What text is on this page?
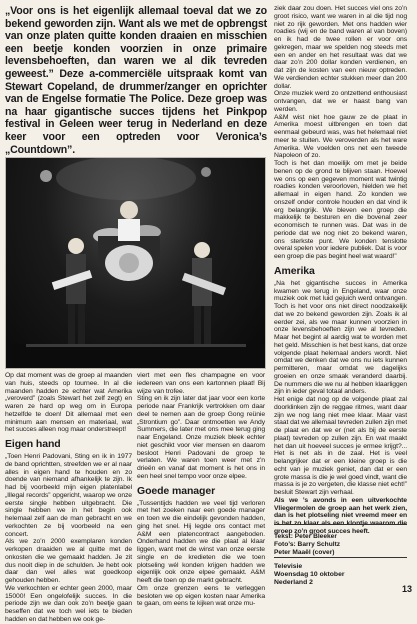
„Voor ons is het eigenlijk allemaal toeval dat we zo bekend geworden zijn. Want als we met de opbrengst van onze platen quitte konden draaien en misschien een beetje konden voorzien in onze primaire levensbehoeften, dan waren we al dik tevreden geweest.” Deze a-commerciële uitspraak komt van Stewart Copeland, de drummer/zanger en oprichter van de Engelse formatie The Police. Deze groep was na haar gigantische succes tijdens het Pinkpop festival in Geleen weer terug in Nederland en deze keer voor een optreden voor Veronica’s „Countdown”.

Op dat moment was de groep al maanden van huis, steeds op tournee. In al die maanden hadden ze echter wat Amerika „veroverd” (zoals Stewart het zelf zegt) en waren ze hard op weg om in Europa hetzelfde te doen! Dit allemaal met een minimum aan mensen en materiaal, wat het succes alleen nog maar onderstreept!

Eigen hand

„Toen Henri Padovani, Sting en ik in 1977 de band oprichtten, streefden we er al naar alles in eigen hand te houden en zo doende van niemand afhankelijk te zijn. Ik had bij voorbeeld mijn eigen platenlabel „Illegal records” opgericht, waarop we onze eerste single hebben uitgebracht. Die single hebben we in het begin ook helemaal zelf aan de man gebracht en we verkochten ze bij voorbeeld na een concert.

Als we zo’n 2000 exemplaren konden verkopen draaiden we al quitte met de onkosten die we gemaakt hadden. Je zit dus nooit diep in de schulden. Je hebt ook daar dan wel alles wat goedkoop gehouden hebben.

We verkochten er echter geen 2000, maar 15000! Een ongelofelijk succes. In die periode zijn we dan ook zo’n beetje gaan beseffen dat we toch wel iets te bieden hadden en dat hebben we ook ge-

viert met een fles champagne en voor iedereen van ons een kartonnen plaat! Bij wijze van trofee.

Sting en ik zijn later dat jaar voor een korte periode naar Frankrijk vertrokken om daar deel te nemen aan de groep Gong reünie „Strontium go”. Daar ontmoetten we Andy Summers, die later met ons mee terug ging naar Engeland. Onze muziek bleek echter niet geschikt voor vier mensen en daarom besloot Henri Padovani de groep te verlaten. We waren toen weer met z’n drieën en vanaf dat moment is het ons in een heel snel tempo voor onze elpee.

Goede manager

„Tussentijds hadden we veel tijd verloren met het zoeken naar een goede manager en toen we die eindelijk gevonden hadden, ging het snel. Hij legde ons contact met A&M een platencontract aangeboden. Onderhand hadden we die plaat al klaar liggen, want met de winst van onze eerste single en de kredieten die we toen plotseling wél konden krijgen hadden we eigenlijk ook onze elpee gemaakt. A&M heeft die toen op de markt gebracht.

Om onze grenzen eens te verleggen besloten we op eigen kosten naar Amerika te gaan, om eens te kijken wat onze mu-

ziek daar zou doen. Het succes viel ons zo’n groot risico, want we waren in al die tijd nog niet zo rijk geworden. Met ons hadden wier roadies (wij en de band waren al van boven) en ik had de twee rollen er voor ons gekregen, maar we spelden nog steeds met een en ander en het resultaat was dat we daar zo’n 200 dollar konden verdienen, en dat zijn de kosten van een nieuw optreden. We verdienden echter stukken meer dan 200 dollar.

Onze muziek werd zo ontzettend enthousiast ontvangen, dat we er haast bang van werden.

A&M wist niet hoe gauw ze de plaat in Amerika moest uitbrengen en toen dat eenmaal gebeurd was, was het helemaal niet meer te stuiten. We veroverden als het ware Amerika. We voelden ons net een tweede Napoleon of zo.

Toch is het dan moeilijk om met je beide benen op de grond te blijven staan. Hoewel we ons op een gegeven moment wat twintig roadies konden veroorloven, hielden we het allemaal in eigen hand. Zo konden we onszelf onder controle houden en dat vind ik erg belangrijk. We bleven een groep die makkelijk te besturen en die bovenal zeer economisch te runnen was. Dat was in de periode dat we nog niet zo bekend waren, ons sterkste punt. We konden tenslotte overal spelen voor iedere publiek. Dat is voor een groep die pas begint heel wat waard!”

Amerika

„Na het gigantische succes in Amerika kwamen we terug in Engeland, waar onze muziek ook met luid gejuich werd ontvangen. Toch is het voor ons niet direct noodzakelijk dat we zo bekend geworden zijn. Zoals ik al eerder zei, als we maar kunnen voorzien in onze levensbehoeften zijn we al tevreden. Maar het begint al aardig wat te worden met het geld. Misschien is het best kans, dat onze volgende plaat helemaal anders wordt. Niet omdat we denken dat we ons nu iets kunnen permitteren, maar omdat we dagelijks groeien en onze smaak veranderd daarbij. De nummers die we nu al hebben klaarliggen zijn in ieder geval totaal anders.

Het enige dat nog op de volgende plaat zal doorklinken zijn de reggae ritmes, want daar zijn we nog lang niet mee klaar. Maar vast staat dat we allemaal tevreden zullen zijn met de plaat en dat we er (net als bij de eerste plaat) tevreden op zullen zijn. En wat maakt het dan uit hoeveel succes je ermee krijgt?... Het is net als in de zaal. Het is veel belangrijker dat er een kleine groep is die echt van je muziek geniet, dan dat er een grote massa is die je wel goed vindt, want die massa is je zo vergeten, die klasse niet echt!” besluit Stewart zijn verhaal.

Als we ’s avonds in een uitverkochte Vliegermolen de groep aan het werk zien, dan is het plotseling niet vreemd meer en is het zo klaar als een klontje waarom die groep zo’n groot succes heeft.

Tekst: Peter Bleeker
Foto’s: Barry Schultz
Peter Maaël (cover)
Televisie
Woensdag 10 oktober
Nederland 2
13
